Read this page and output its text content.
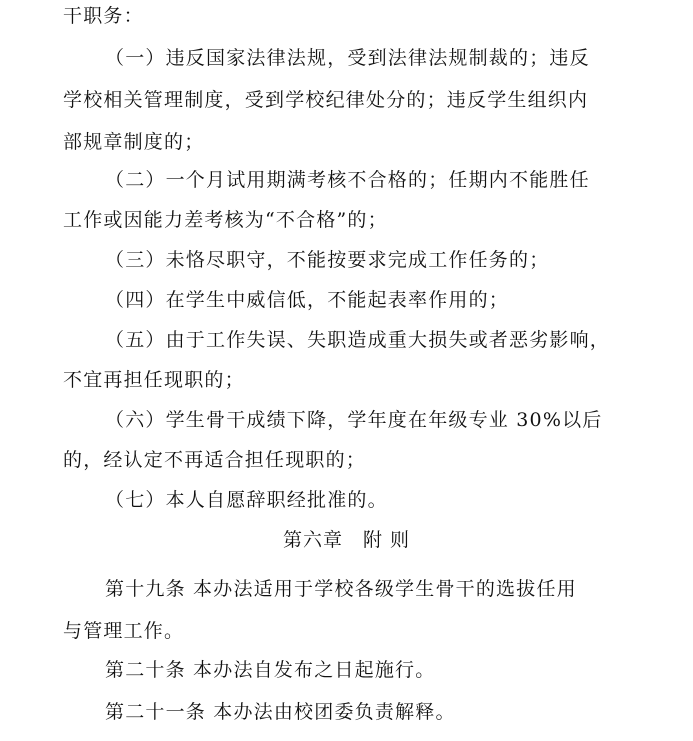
干职务：
（一）违反国家法律法规，受到法律法规制裁的；违反
学校相关管理制度，受到学校纪律处分的；违反学生组织内
部规章制度的；
（二）一个月试用期满考核不合格的；任期内不能胜任
工作或因能力差考核为“不合格”的；
（三）未恪尽职守，不能按要求完成工作任务的；
（四）在学生中威信低，不能起表率作用的；
（五）由于工作失误、失职造成重大损失或者恶劣影响，
不宜再担任现职的；
（六）学生骨干成绩下降，学年度在年级专业 30%以后
的，经认定不再适合担任现职的；
（七）本人自愿辞职经批准的。
第六章　附 则
第十九条 本办法适用于学校各级学生骨干的选拔任用
与管理工作。
第二十条 本办法自发布之日起施行。
第二十一条 本办法由校团委负责解释。
